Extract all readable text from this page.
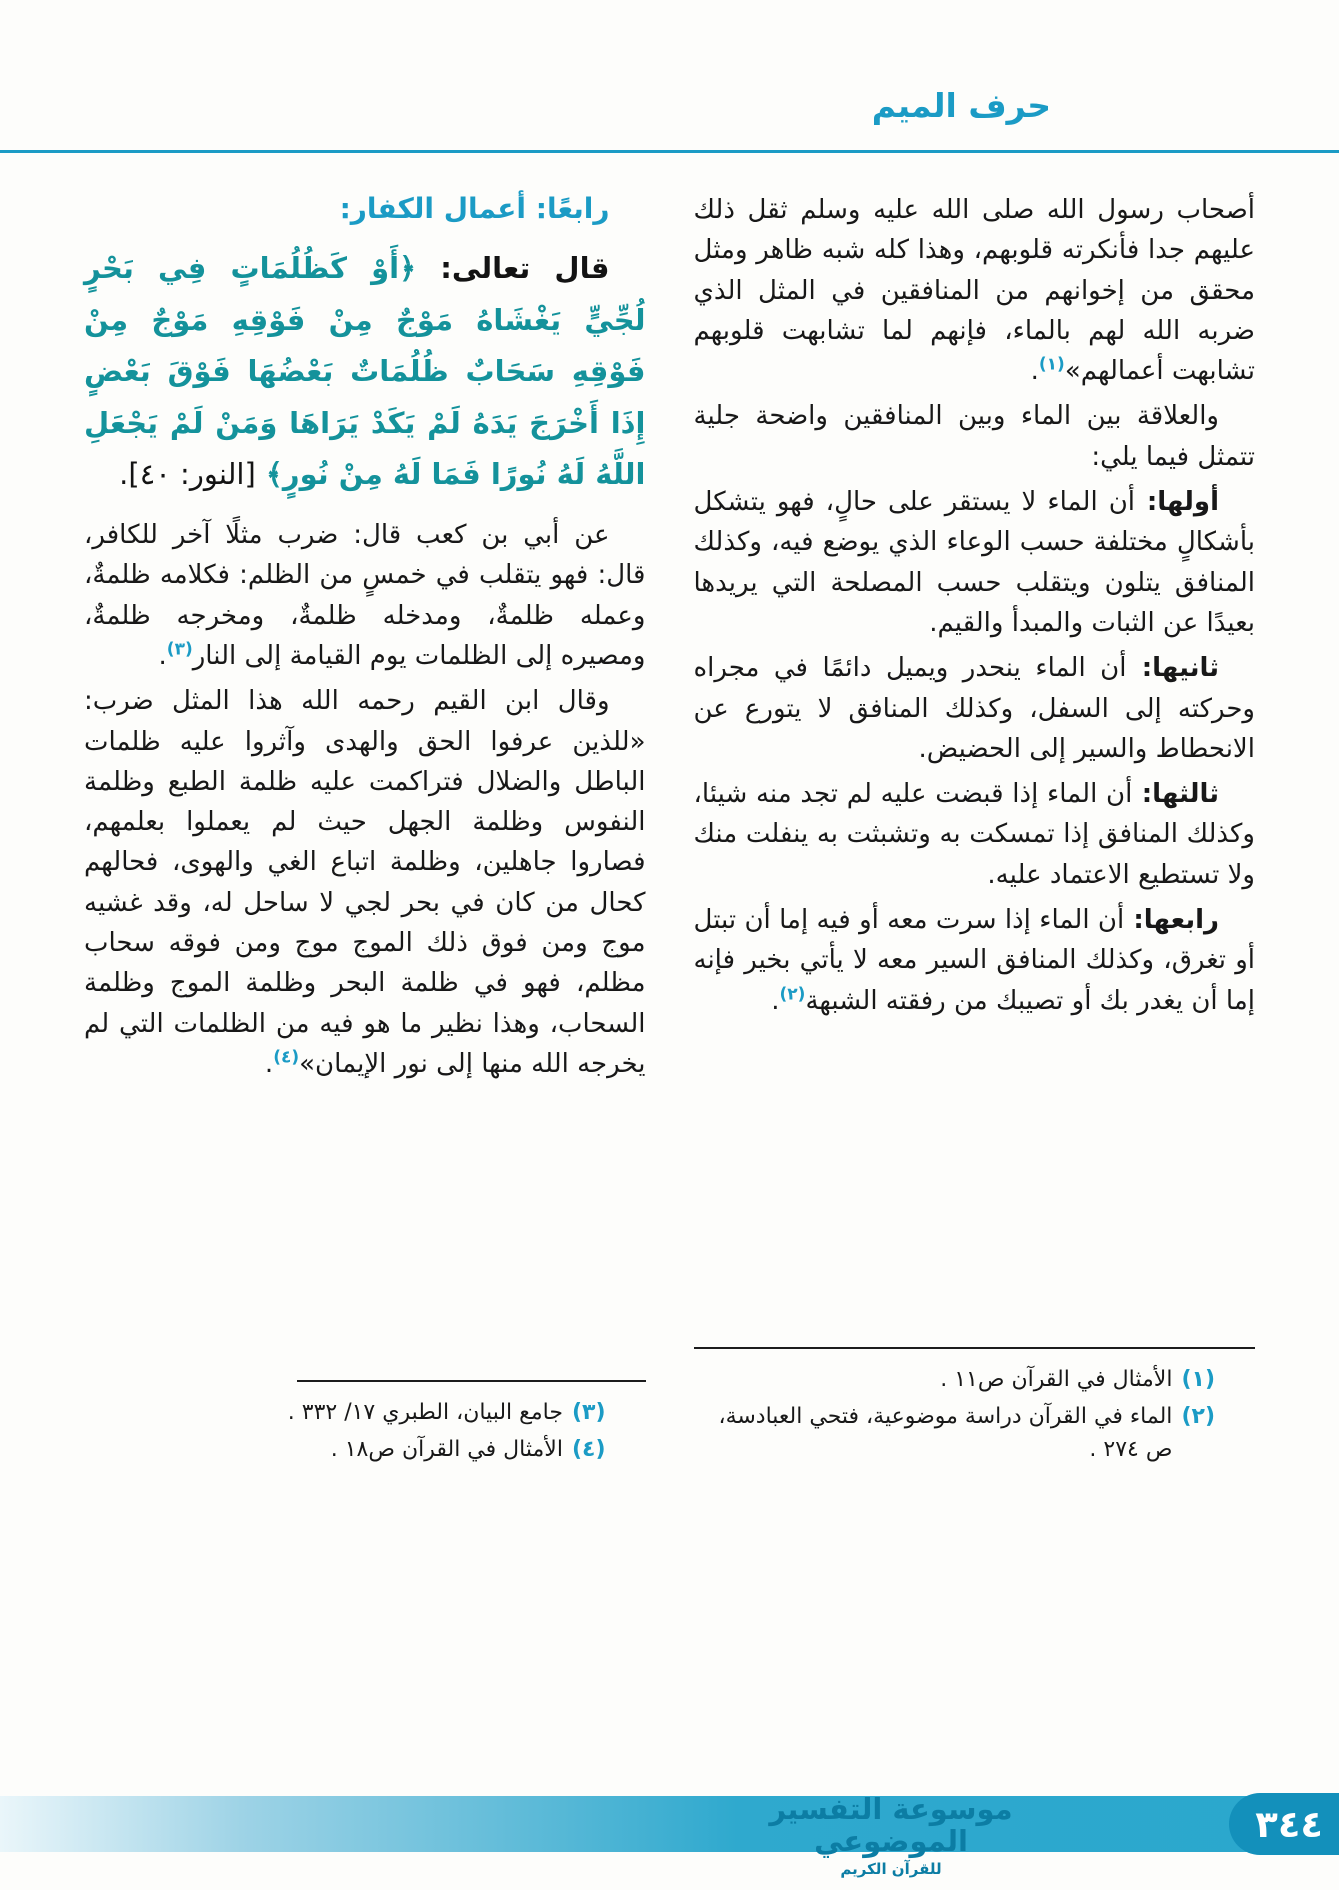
حرف الميم

أصحاب رسول الله صلى الله عليه وسلم ثقل ذلك عليهم جدا فأنكرته قلوبهم، وهذا كله شبه ظاهر ومثل محقق من إخوانهم من المنافقين في المثل الذي ضربه الله لهم بالماء، فإنهم لما تشابهت قلوبهم تشابهت أعمالهم»$^{(١)}$.

والعلاقة بين الماء وبين المنافقين واضحة جلية تتمثل فيما يلي:

أولها: أن الماء لا يستقر على حالٍ، فهو يتشكل بأشكالٍ مختلفة حسب الوعاء الذي يوضع فيه، وكذلك المنافق يتلون ويتقلب حسب المصلحة التي يريدها بعيدًا عن الثبات والمبدأ والقيم.

ثانيها: أن الماء ينحدر ويميل دائمًا في مجراه وحركته إلى السفل، وكذلك المنافق لا يتورع عن الانحطاط والسير إلى الحضيض.

ثالثها: أن الماء إذا قبضت عليه لم تجد منه شيئا، وكذلك المنافق إذا تمسكت به وتشبثت به ينفلت منك ولا تستطيع الاعتماد عليه.

رابعها: أن الماء إذا سرت معه أو فيه إما أن تبتل أو تغرق، وكذلك المنافق السير معه لا يأتي بخير فإنه إما أن يغدر بك أو تصيبك من رفقته الشبهة$^{(٢)}$.

(١)
الأمثال في القرآن ص١١ .
(٢)
الماء في القرآن دراسة موضوعية، فتحي العبادسة، ص ٢٧٤ .
رابعًا: أعمال الكفار:

قال تعالى: ﴿أَوْ كَظُلُمَاتٍ فِي بَحْرٍ لُجِّيٍّ يَغْشَاهُ مَوْجٌ مِنْ فَوْقِهِ مَوْجٌ مِنْ فَوْقِهِ سَحَابٌ ظُلُمَاتٌ بَعْضُهَا فَوْقَ بَعْضٍ إِذَا أَخْرَجَ يَدَهُ لَمْ يَكَدْ يَرَاهَا وَمَنْ لَمْ يَجْعَلِ اللَّهُ لَهُ نُورًا فَمَا لَهُ مِنْ نُورٍ﴾ [النور: ٤٠].

عن أبي بن كعب قال: ضرب مثلًا آخر للكافر، قال: فهو يتقلب في خمسٍ من الظلم: فكلامه ظلمةٌ، وعمله ظلمةٌ، ومدخله ظلمةٌ، ومخرجه ظلمةٌ، ومصيره إلى الظلمات يوم القيامة إلى النار$^{(٣)}$.

وقال ابن القيم رحمه الله هذا المثل ضرب: «للذين عرفوا الحق والهدى وآثروا عليه ظلمات الباطل والضلال فتراكمت عليه ظلمة الطبع وظلمة النفوس وظلمة الجهل حيث لم يعملوا بعلمهم، فصاروا جاهلين، وظلمة اتباع الغي والهوى، فحالهم كحال من كان في بحر لجي لا ساحل له، وقد غشيه موج ومن فوق ذلك الموج موج ومن فوقه سحاب مظلم، فهو في ظلمة البحر وظلمة الموج وظلمة السحاب، وهذا نظير ما هو فيه من الظلمات التي لم يخرجه الله منها إلى نور الإيمان»$^{(٤)}$.

(٣)
جامع البيان، الطبري ١٧/ ٣٣٢ .
(٤)
الأمثال في القرآن ص١٨ .
موسوعة التفسير الموضوعي
للقرآن الكريم
٣٤٤
